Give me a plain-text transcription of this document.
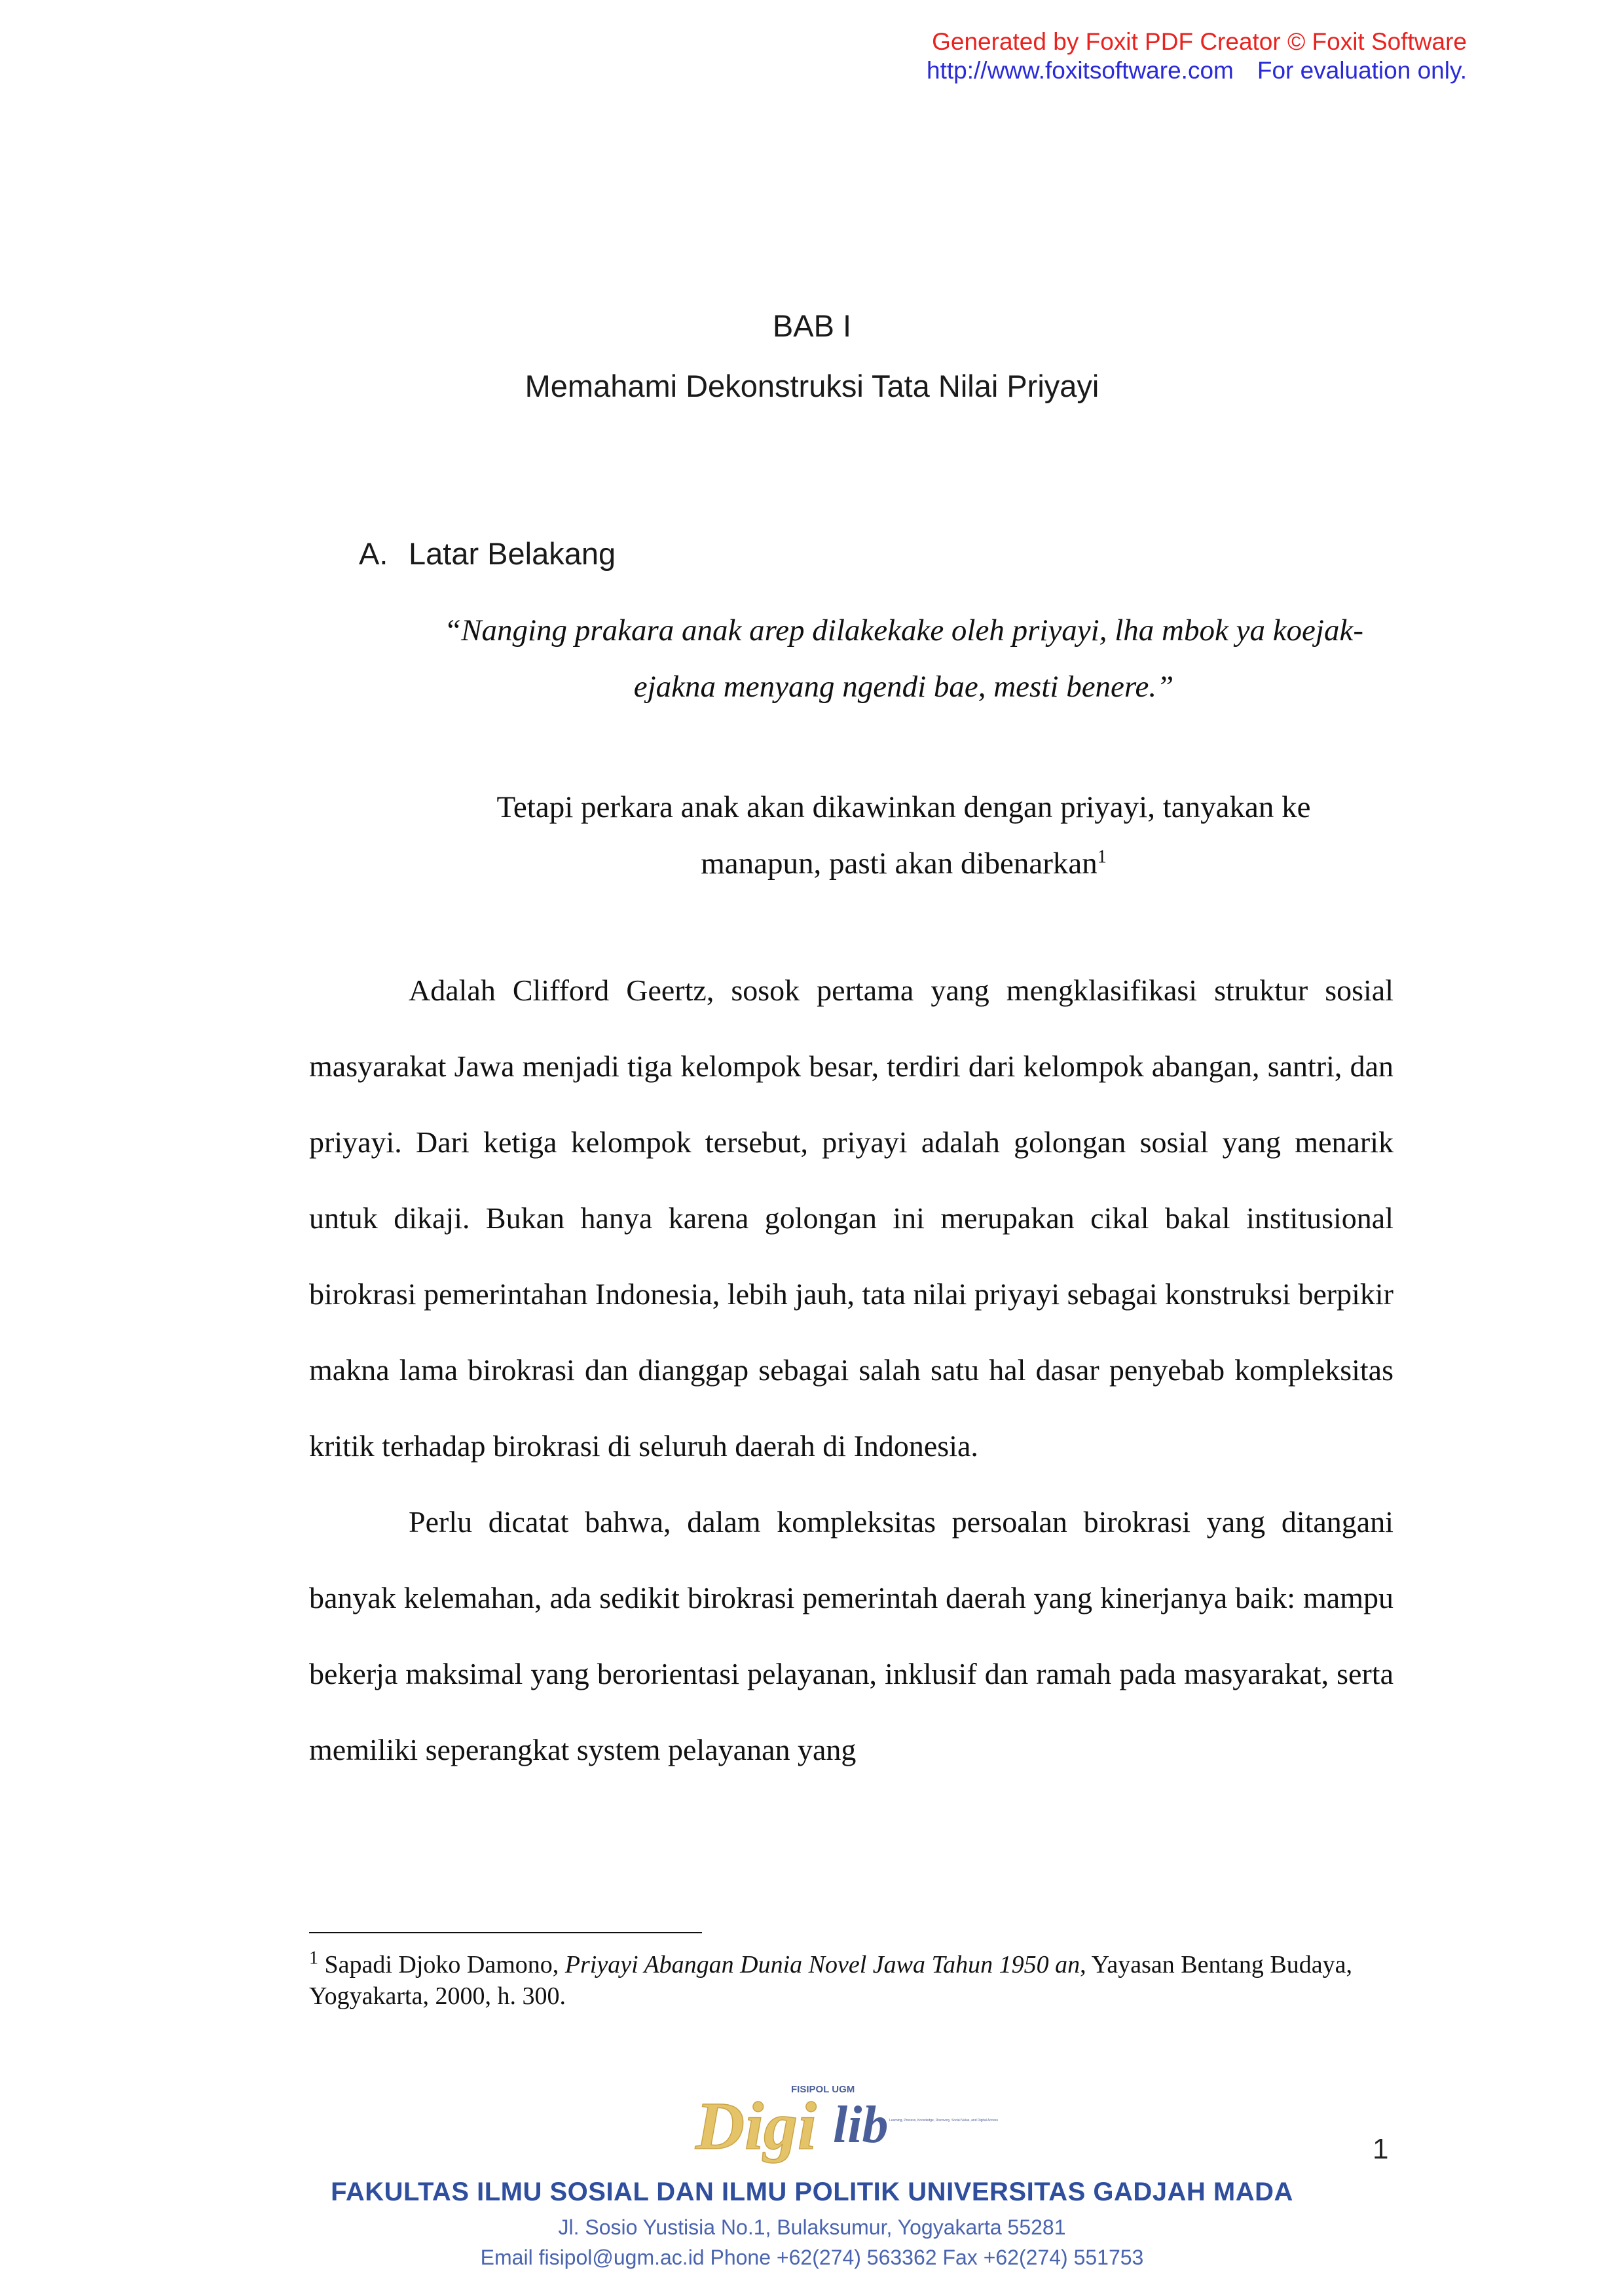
Generated by Foxit PDF Creator © Foxit Software
http://www.foxitsoftware.com For evaluation only.
BAB I
Memahami Dekonstruksi Tata Nilai Priyayi
A. Latar Belakang
“Nanging prakara anak arep dilakekake oleh priyayi, lha mbok ya koejak-
ejakna menyang ngendi bae, mesti benere.”
Tetapi perkara anak akan dikawinkan dengan priyayi, tanyakan ke
manapun, pasti akan dibenarkan$^1$

Adalah Clifford Geertz, sosok pertama yang mengklasifikasi struktur sosial masyarakat Jawa menjadi tiga kelompok besar, terdiri dari kelompok abangan, santri, dan priyayi. Dari ketiga kelompok tersebut, priyayi adalah golongan sosial yang menarik untuk dikaji. Bukan hanya karena golongan ini merupakan cikal bakal institusional birokrasi pemerintahan Indonesia, lebih jauh, tata nilai priyayi sebagai konstruksi berpikir makna lama birokrasi dan dianggap sebagai salah satu hal dasar penyebab kompleksitas kritik terhadap birokrasi di seluruh daerah di Indonesia.

Perlu dicatat bahwa, dalam kompleksitas persoalan birokrasi yang ditangani banyak kelemahan, ada sedikit birokrasi pemerintah daerah yang kinerjanya baik: mampu bekerja maksimal yang berorientasi pelayanan, inklusif dan ramah pada masyarakat, serta memiliki seperangkat system pelayanan yang

$^1$ Sapadi Djoko Damono, Priyayi Abangan Dunia Novel Jawa Tahun 1950 an, Yayasan Bentang Budaya, Yogyakarta, 2000, h. 300.
FISIPOL UGM
Digi lib Learning, Process, Knowledge, Discovery, Social Value, and Digital Access
1
FAKULTAS ILMU SOSIAL DAN ILMU POLITIK UNIVERSITAS GADJAH MADA
Jl. Sosio Yustisia No.1, Bulaksumur, Yogyakarta 55281
Email fisipol@ugm.ac.id Phone +62(274) 563362 Fax +62(274) 551753
